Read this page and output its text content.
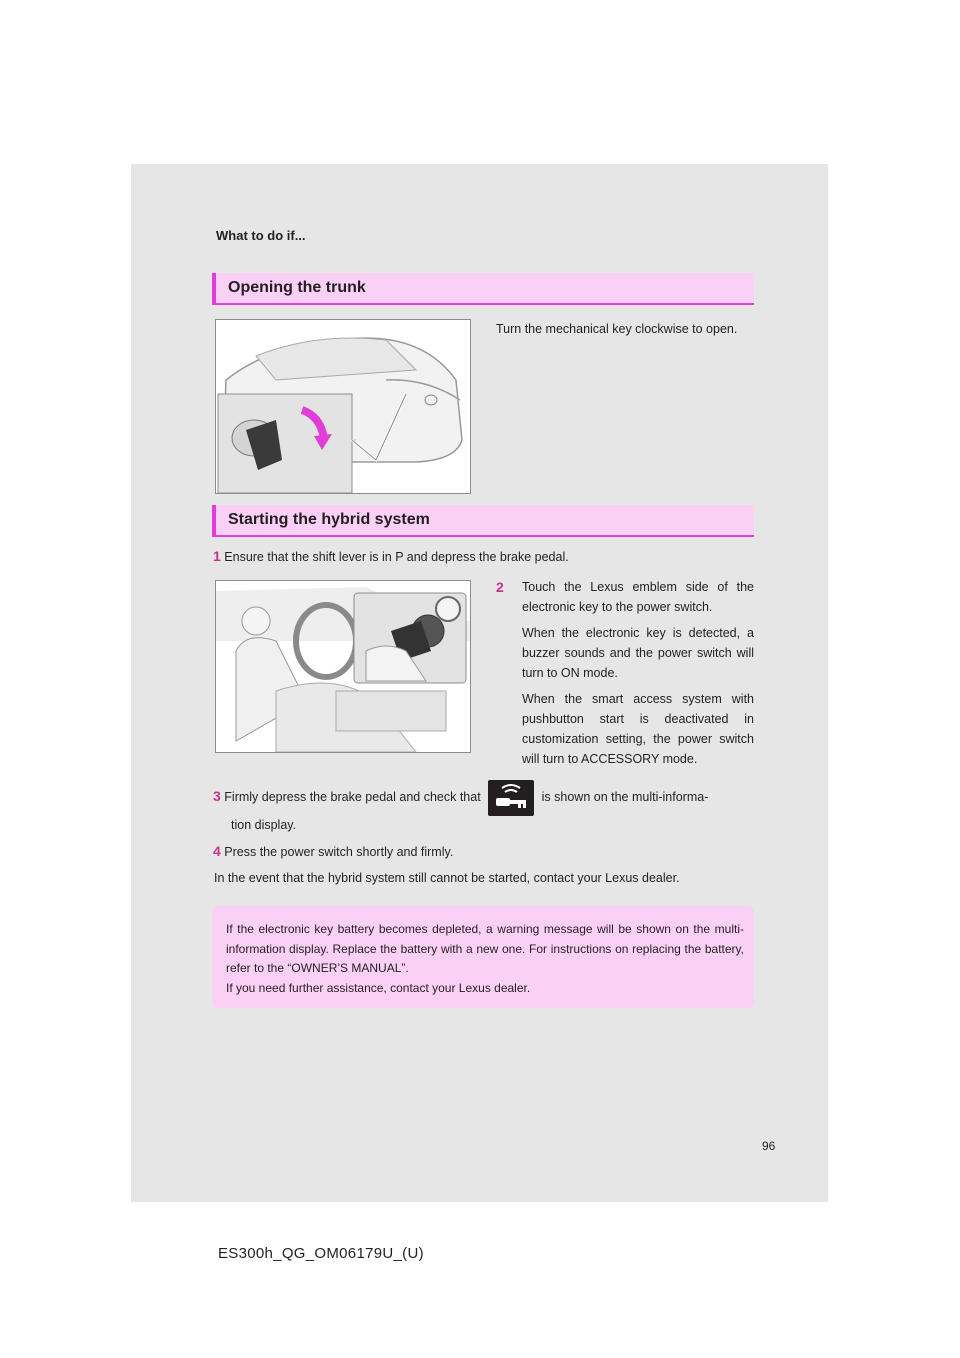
What to do if...
Opening the trunk
Turn the mechanical key clockwise to open.
Starting the hybrid system
1 Ensure that the shift lever is in P and depress the brake pedal.
2 Touch the Lexus emblem side of the electronic key to the power switch.
When the electronic key is detected, a buzzer sounds and the power switch will turn to ON mode.
When the smart access system with pushbutton start is deactivated in customization setting, the power switch will turn to ACCESSORY mode.
3 Firmly depress the brake pedal and check that	is shown on the multi-informa-
tion display.
4 Press the power switch shortly and firmly.
In the event that the hybrid system still cannot be started, contact your Lexus dealer.
If the electronic key battery becomes depleted, a warning message will be shown on the multi-information display. Replace the battery with a new one. For instructions on replacing the battery, refer to the “OWNER’S MANUAL”.
If you need further assistance, contact your Lexus dealer.
96
ES300h_QG_OM06179U_(U)
